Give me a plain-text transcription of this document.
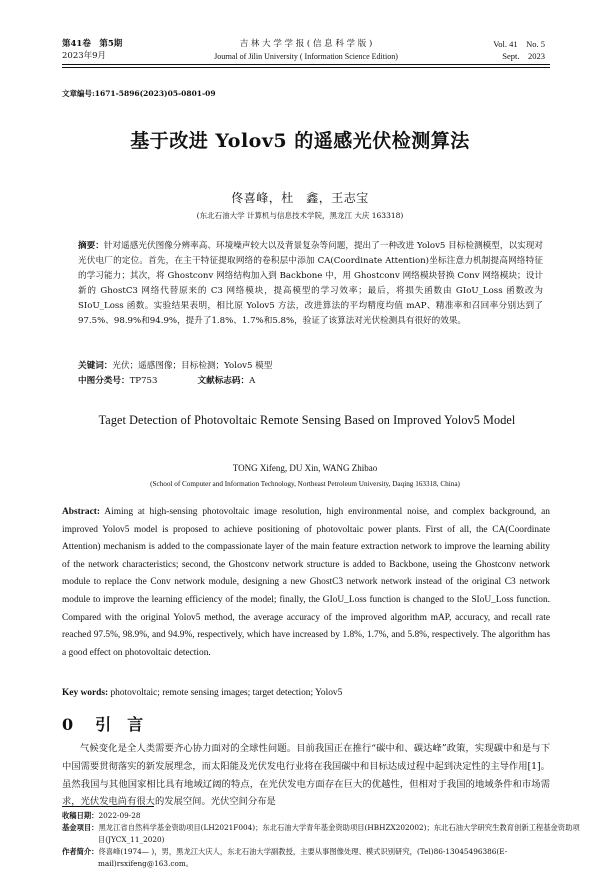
第41卷　第5期
2023年9月
吉 林 大 学 学 报 ( 信 息 科 学 版 )
Journal of Jilin University ( Information Science Edition)
Vol. 41　No. 5
Sept.　2023
文章编号:1671-5896(2023)05-0801-09
基于改进 Yolov5 的遥感光伏检测算法
佟喜峰，杜　鑫，王志宝
(东北石油大学 计算机与信息技术学院，黑龙江 大庆 163318)
摘要：针对遥感光伏图像分辨率高、环境噪声较大以及背景复杂等问题，提出了一种改进 Yolov5 目标检测模型，以实现对光伏电厂的定位。首先，在主干特征提取网络的卷积层中添加 CA(Coordinate Attention)坐标注意力机制提高网络特征的学习能力；其次，将 Ghostconv 网络结构加入到 Backbone 中，用 Ghostconv 网络模块替换 Conv 网络模块；设计新的 GhostC3 网络代替原来的 C3 网络模块，提高模型的学习效率；最后，将损失函数由 GIoU_Loss 函数改为 SIoU_Loss 函数。实验结果表明，相比原 Yolov5 方法，改进算法的平均精度均值 mAP、精准率和召回率分别达到了97.5%、98.9%和94.9%，提升了1.8%、1.7%和5.8%，验证了该算法对光伏检测具有很好的效果。
关键词：光伏；遥感图像；目标检测；Yolov5 模型
中图分类号：TP753	文献标志码：A
Taget Detection of Photovoltaic Remote Sensing Based on Improved Yolov5 Model
TONG Xifeng, DU Xin, WANG Zhibao
(School of Computer and Information Technology, Northeast Petroleum University, Daqing 163318, China)
Abstract: Aiming at high-sensing photovoltaic image resolution, high environmental noise, and complex background, an improved Yolov5 model is proposed to achieve positioning of photovoltaic power plants. First of all, the CA(Coordinate Attention) mechanism is added to the compassionate layer of the main feature extraction network to improve the learning ability of the network characteristics; second, the Ghostconv network structure is added to Backbone, useing the Ghostconv network module to replace the Conv network module, designing a new GhostC3 network network instead of the original C3 network module to improve the learning efficiency of the model; finally, the GIoU_Loss function is changed to the SIoU_Loss function. Compared with the original Yolov5 method, the average accuracy of the improved algorithm mAP, accuracy, and recall rate reached 97.5%, 98.9%, and 94.9%, respectively, which have increased by 1.8%, 1.7%, and 5.8%, respectively. The algorithm has a good effect on photovoltaic detection.
Key words: photovoltaic; remote sensing images; target detection; Yolov5
0 引　言
气候变化是全人类需要齐心协力面对的全球性问题。目前我国正在推行“碳中和、碳达峰”政策，实现碳中和是与下中国需要贯彻落实的新发展理念，而太阳能及光伏发电行业将在我国碳中和目标达成过程中起到决定性的主导作用[1]。虽然我国与其他国家相比具有地域辽阔的特点，在光伏发电方面存在巨大的优越性，但相对于我国的地域条件和市场需求，光伏发电尚有很大的发展空间。光伏空间分布是
收稿日期：2022-09-28
基金项目：黑龙江省自然科学基金资助项目(LH2021F004)；东北石油大学青年基金资助项目(HBHZX202002)；东北石油大学研究生教育创新工程基金资助项目(JYCX_11_2020)
作者简介：佟喜峰(1974— )，男，黑龙江大庆人，东北石油大学副教授，主要从事图像处理、模式识别研究，(Tel)86-13045496386(E-mail)rsxifeng@163.com。
